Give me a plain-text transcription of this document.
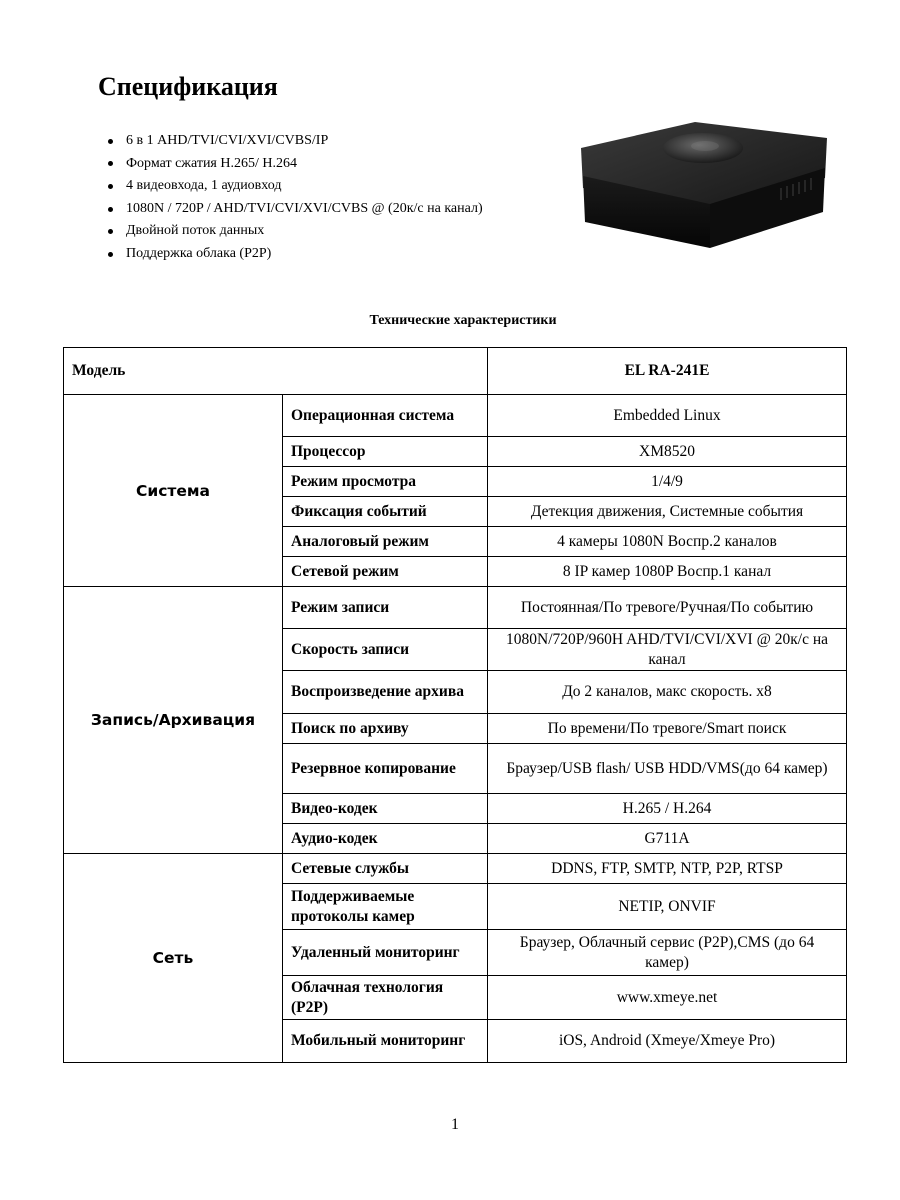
Спецификация
6 в 1 AHD/TVI/CVI/XVI/CVBS/IP
Формат сжатия H.265/ H.264
4 видеовхода, 1 аудиовход
1080N / 720P / AHD/TVI/CVI/XVI/CVBS @ (20к/с на канал)
Двойной поток данных
Поддержка облака (P2P)
Технические характеристики
Модель		EL RA-241E
Система	Операционная система	Embedded Linux
	Процессор	XM8520
	Режим просмотра	1/4/9
	Фиксация событий	Детекция движения, Системные события
	Аналоговый режим	4 камеры 1080N Воспр.2 каналов
	Сетевой режим	8 IP камер 1080P Воспр.1 канал
Запись/Архивация	Режим записи	Постоянная/По тревоге/Ручная/По событию
	Скорость записи	1080N/720P/960H AHD/TVI/CVI/XVI @ 20к/с на канал
	Воспроизведение архива	До 2 каналов, макс скорость. x8
	Поиск по архиву	По времени/По тревоге/Smart поиск
	Резервное копирование	Браузер/USB flash/ USB HDD/VMS(до 64 камер)
	Видео-кодек	H.265 / H.264
	Аудио-кодек	G711A
Сеть	Сетевые службы	DDNS, FTP, SMTP, NTP, P2P, RTSP
	Поддерживаемые протоколы камер	NETIP, ONVIF
	Удаленный мониторинг	Браузер, Облачный сервис (P2P),CMS (до 64 камер)
	Облачная технология (P2P)	www.xmeye.net
	Мобильный мониторинг	iOS, Android (Xmeye/Xmeye Pro)
1
